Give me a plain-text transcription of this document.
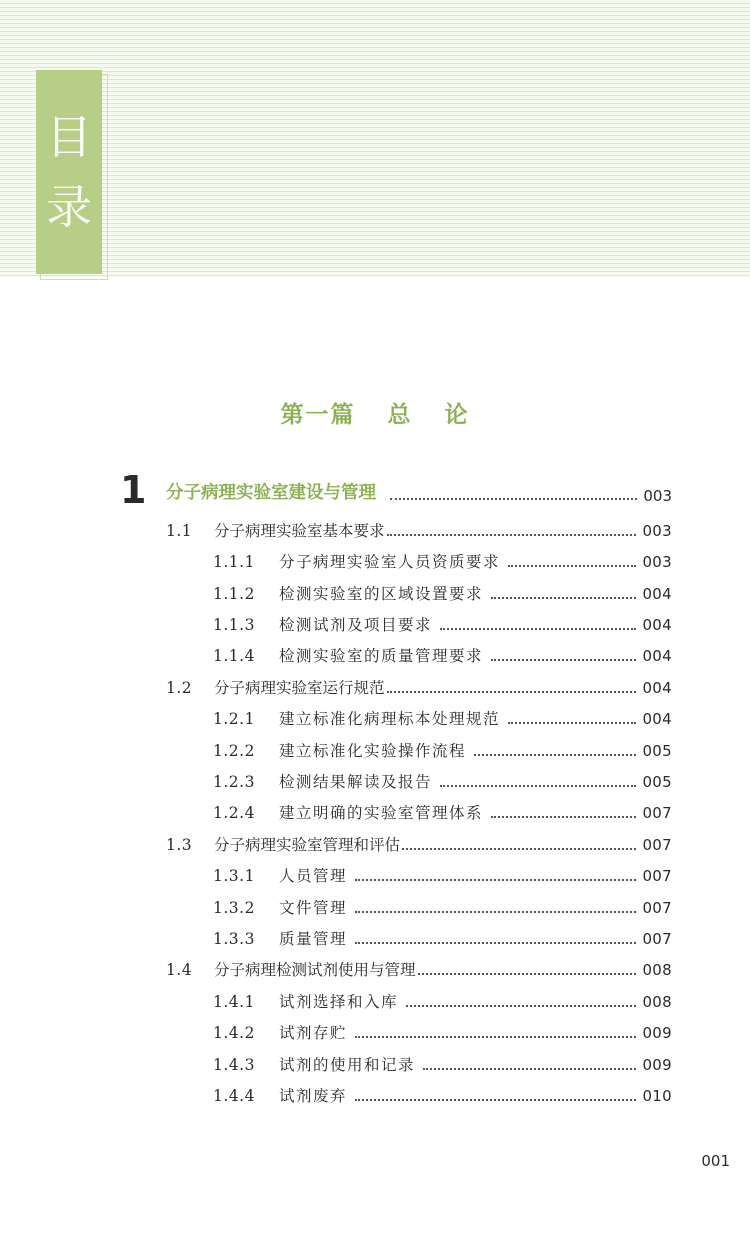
目
录
第一篇 总 论
1	分子病理实验室建设与管理	003
1.1	分子病理实验室基本要求	003
1.1.1	分子病理实验室人员资质要求	003
1.1.2	检测实验室的区域设置要求	004
1.1.3	检测试剂及项目要求	004
1.1.4	检测实验室的质量管理要求	004
1.2	分子病理实验室运行规范	004
1.2.1	建立标准化病理标本处理规范	004
1.2.2	建立标准化实验操作流程	005
1.2.3	检测结果解读及报告	005
1.2.4	建立明确的实验室管理体系	007
1.3	分子病理实验室管理和评估	007
1.3.1	人员管理	007
1.3.2	文件管理	007
1.3.3	质量管理	007
1.4	分子病理检测试剂使用与管理	008
1.4.1	试剂选择和入库	008
1.4.2	试剂存贮	009
1.4.3	试剂的使用和记录	009
1.4.4	试剂废弃	010
001
